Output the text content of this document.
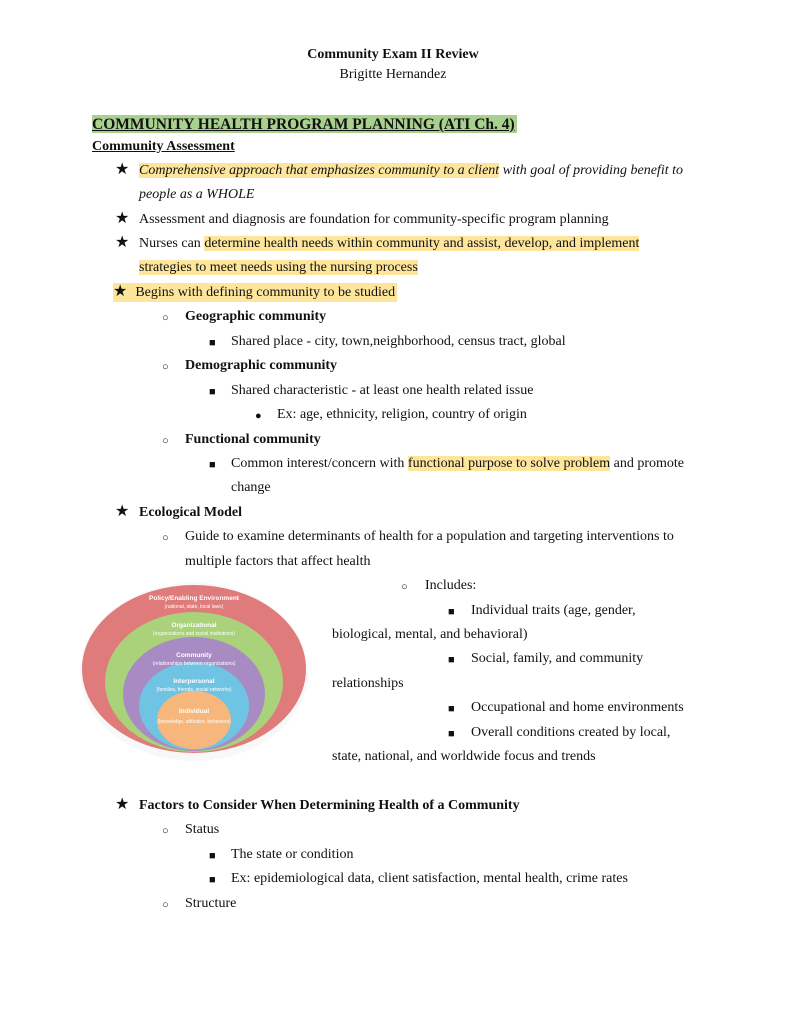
Community Exam II Review
Brigitte Hernandez
COMMUNITY HEALTH PROGRAM PLANNING (ATI Ch. 4)
Community Assessment
★ Comprehensive approach that emphasizes community to a client with goal of providing benefit to
people as a WHOLE
★ Assessment and diagnosis are foundation for community-specific program planning
★ Nurses can determine health needs within community and assist, develop, and implement
strategies to meet needs using the nursing process
★ Begins with defining community to be studied
○ Geographic community
■ Shared place - city, town,neighborhood, census tract, global
○ Demographic community
■ Shared characteristic - at least one health related issue
● Ex: age, ethnicity, religion, country of origin
○ Functional community
■ Common interest/concern with functional purpose to solve problem and promote
change
★ Ecological Model
○ Guide to examine determinants of health for a population and targeting interventions to
multiple factors that affect health
Policy/Enabling Environment
(national, state, local laws)
Organizational
(organizations and social institutions)
Community
(relationships between organizations)
Interpersonal
(families, friends, social networks)
Individual
(knowledge, attitudes, behaviors)
○ Includes:
■ Individual traits (age, gender,
biological, mental, and behavioral)
■ Social, family, and community
relationships
■ Occupational and home environments
■ Overall conditions created by local,
state, national, and worldwide focus and trends
★ Factors to Consider When Determining Health of a Community
○ Status
■ The state or condition
■ Ex: epidemiological data, client satisfaction, mental health, crime rates
○ Structure
